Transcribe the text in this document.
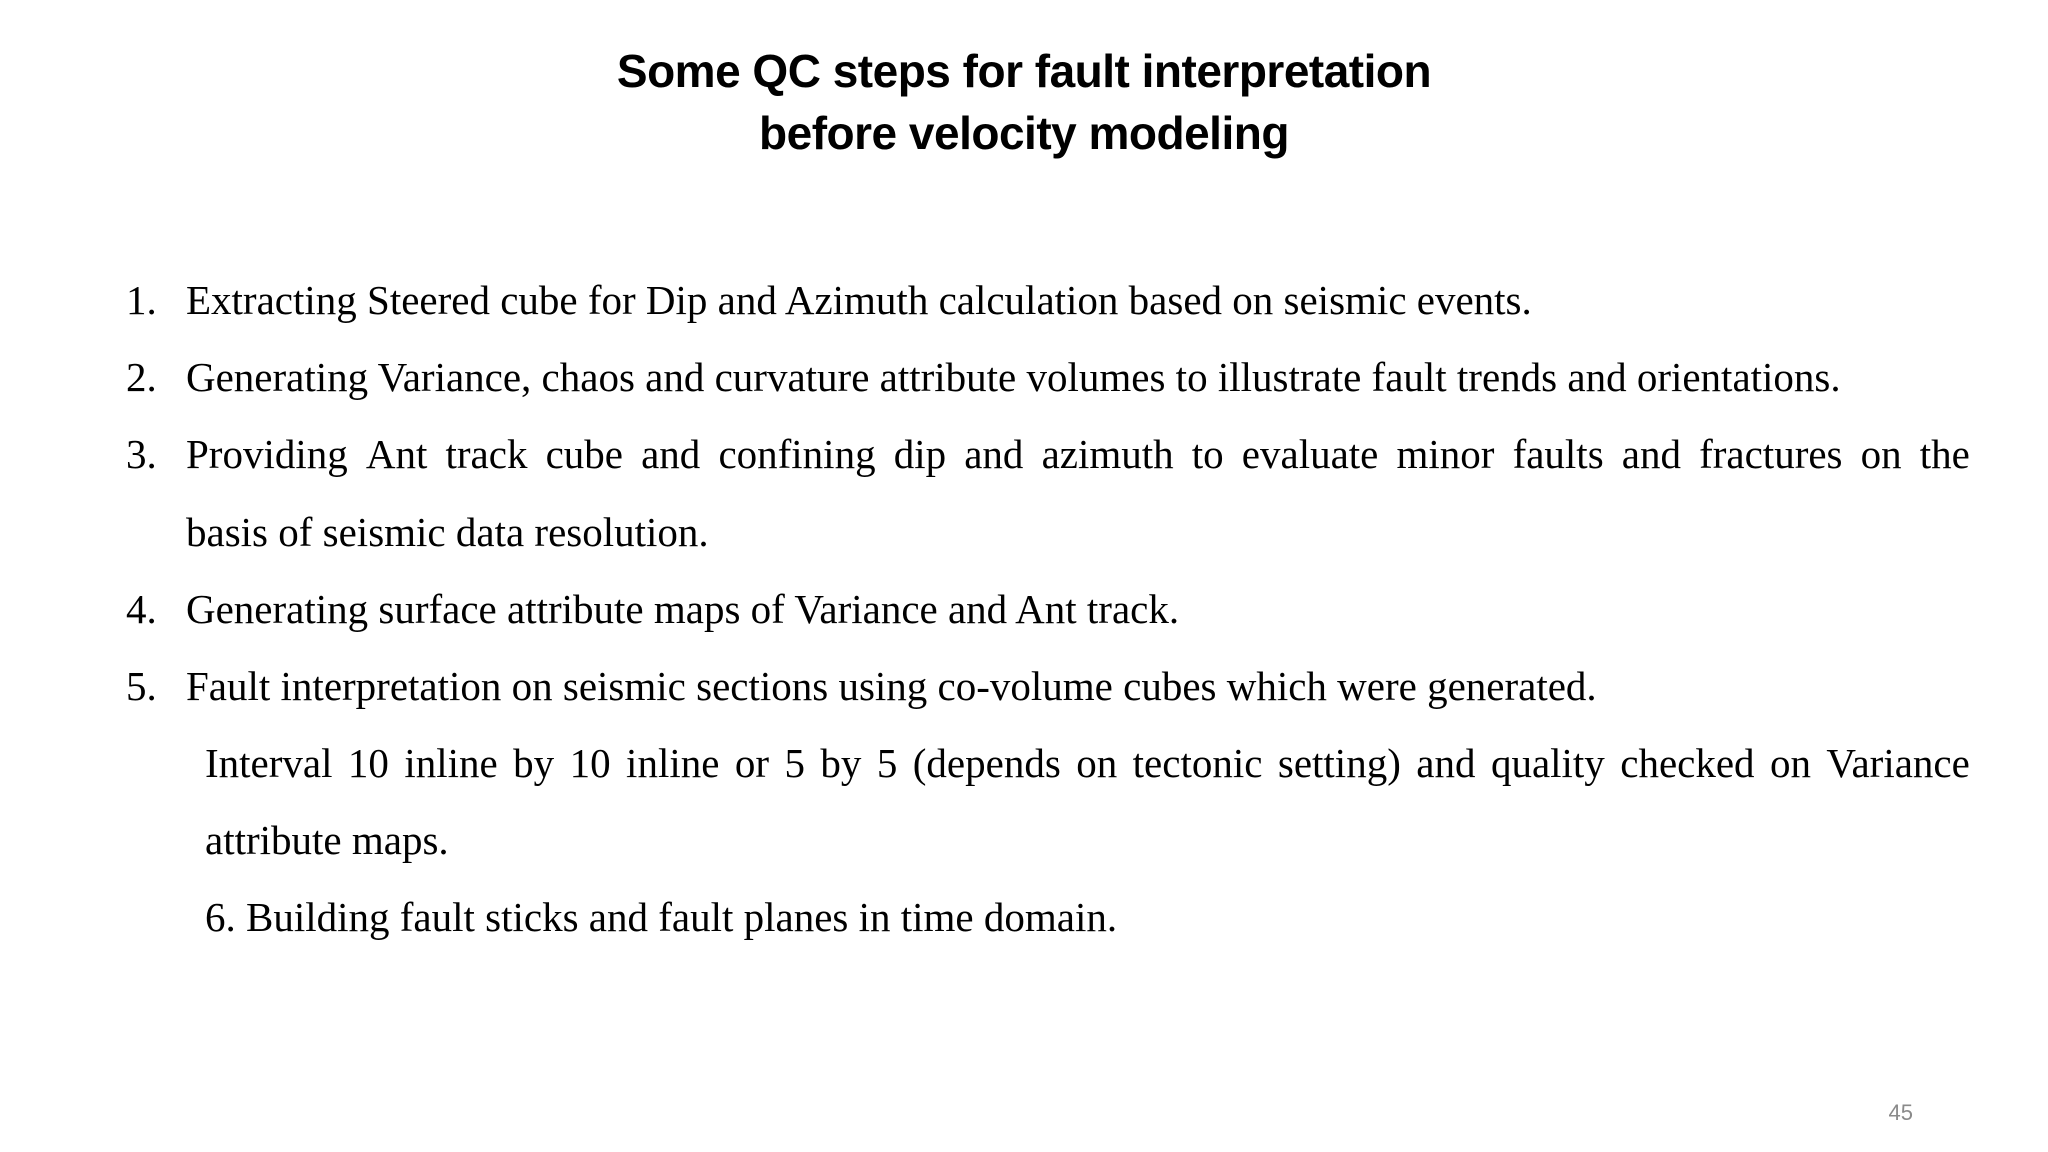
Some QC steps for fault interpretation
before velocity modeling
1. Extracting Steered cube for Dip and Azimuth calculation based on seismic events.
2. Generating Variance, chaos and curvature attribute volumes to illustrate fault trends and orientations.
3. Providing Ant track cube and confining dip and azimuth to evaluate minor faults and fractures on the
basis of seismic data resolution.
4. Generating surface attribute maps of Variance and Ant track.
5. Fault interpretation on seismic sections using co-volume cubes which were generated.
Interval 10 inline by 10 inline or 5 by 5 (depends on tectonic setting) and quality checked on Variance
attribute maps.
6. Building fault sticks and fault planes in time domain.
45
